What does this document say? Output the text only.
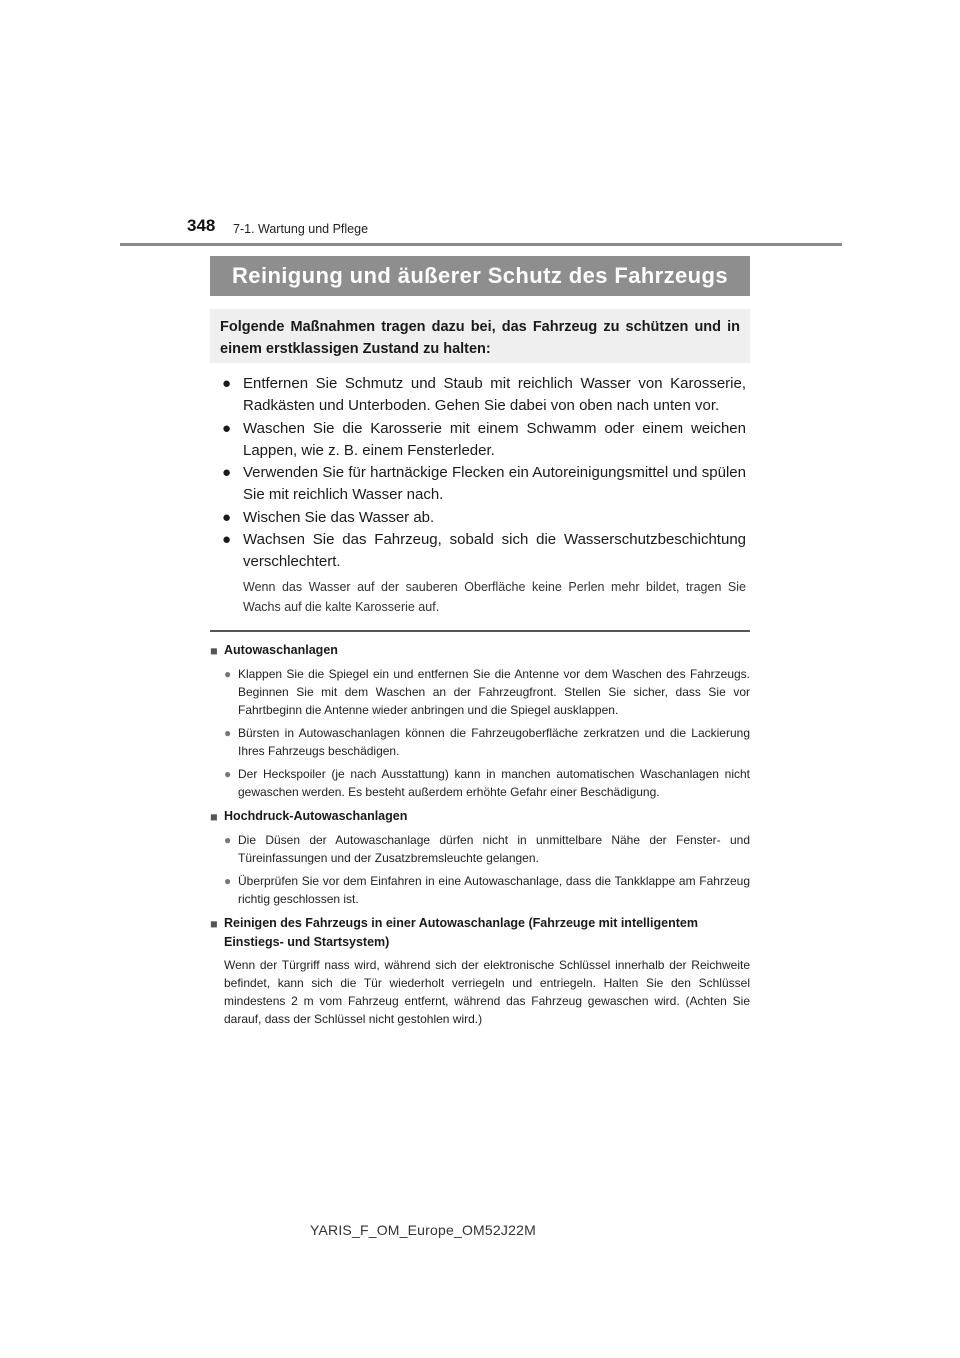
348 7-1. Wartung und Pflege
Reinigung und äußerer Schutz des Fahrzeugs
Folgende Maßnahmen tragen dazu bei, das Fahrzeug zu schützen und in einem erstklassigen Zustand zu halten:
● Entfernen Sie Schmutz und Staub mit reichlich Wasser von Karosserie, Radkästen und Unterboden. Gehen Sie dabei von oben nach unten vor.
● Waschen Sie die Karosserie mit einem Schwamm oder einem weichen Lappen, wie z. B. einem Fensterleder.
● Verwenden Sie für hartnäckige Flecken ein Autoreinigungsmittel und spülen Sie mit reichlich Wasser nach.
● Wischen Sie das Wasser ab.
● Wachsen Sie das Fahrzeug, sobald sich die Wasserschutzbeschichtung verschlechtert.
Wenn das Wasser auf der sauberen Oberfläche keine Perlen mehr bildet, tragen Sie Wachs auf die kalte Karosserie auf.
■ Autowaschanlagen
● Klappen Sie die Spiegel ein und entfernen Sie die Antenne vor dem Waschen des Fahrzeugs. Beginnen Sie mit dem Waschen an der Fahrzeugfront. Stellen Sie sicher, dass Sie vor Fahrtbeginn die Antenne wieder anbringen und die Spiegel ausklappen.
● Bürsten in Autowaschanlagen können die Fahrzeugoberfläche zerkratzen und die Lackierung Ihres Fahrzeugs beschädigen.
● Der Heckspoiler (je nach Ausstattung) kann in manchen automatischen Waschanlagen nicht gewaschen werden. Es besteht außerdem erhöhte Gefahr einer Beschädigung.
■ Hochdruck-Autowaschanlagen
● Die Düsen der Autowaschanlage dürfen nicht in unmittelbare Nähe der Fenster- und Türeinfassungen und der Zusatzbremsleuchte gelangen.
● Überprüfen Sie vor dem Einfahren in eine Autowaschanlage, dass die Tankklappe am Fahrzeug richtig geschlossen ist.
■ Reinigen des Fahrzeugs in einer Autowaschanlage (Fahrzeuge mit intelligentem Einstiegs- und Startsystem)
Wenn der Türgriff nass wird, während sich der elektronische Schlüssel innerhalb der Reichweite befindet, kann sich die Tür wiederholt verriegeln und entriegeln. Halten Sie den Schlüssel mindestens 2 m vom Fahrzeug entfernt, während das Fahrzeug gewaschen wird. (Achten Sie darauf, dass der Schlüssel nicht gestohlen wird.)
YARIS_F_OM_Europe_OM52J22M
